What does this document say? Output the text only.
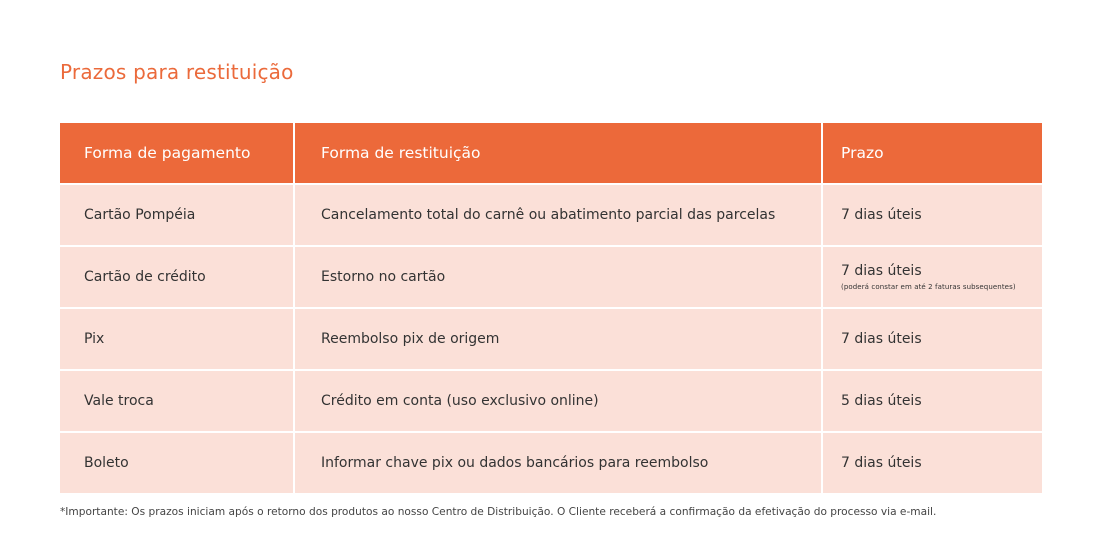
Prazos para restituição
Forma de pagamento	Forma de restituição	Prazo
Cartão Pompéia	Cancelamento total do carnê ou abatimento parcial das parcelas	7 dias úteis
Cartão de crédito	Estorno no cartão	7 dias úteis
(poderá constar em até 2 faturas subsequentes)
Pix	Reembolso pix de origem	7 dias úteis
Vale troca	Crédito em conta (uso exclusivo online)	5 dias úteis
Boleto	Informar chave pix ou dados bancários para reembolso	7 dias úteis
*Importante: Os prazos iniciam após o retorno dos produtos ao nosso Centro de Distribuição. O Cliente receberá a confirmação da efetivação do processo via e-mail.
